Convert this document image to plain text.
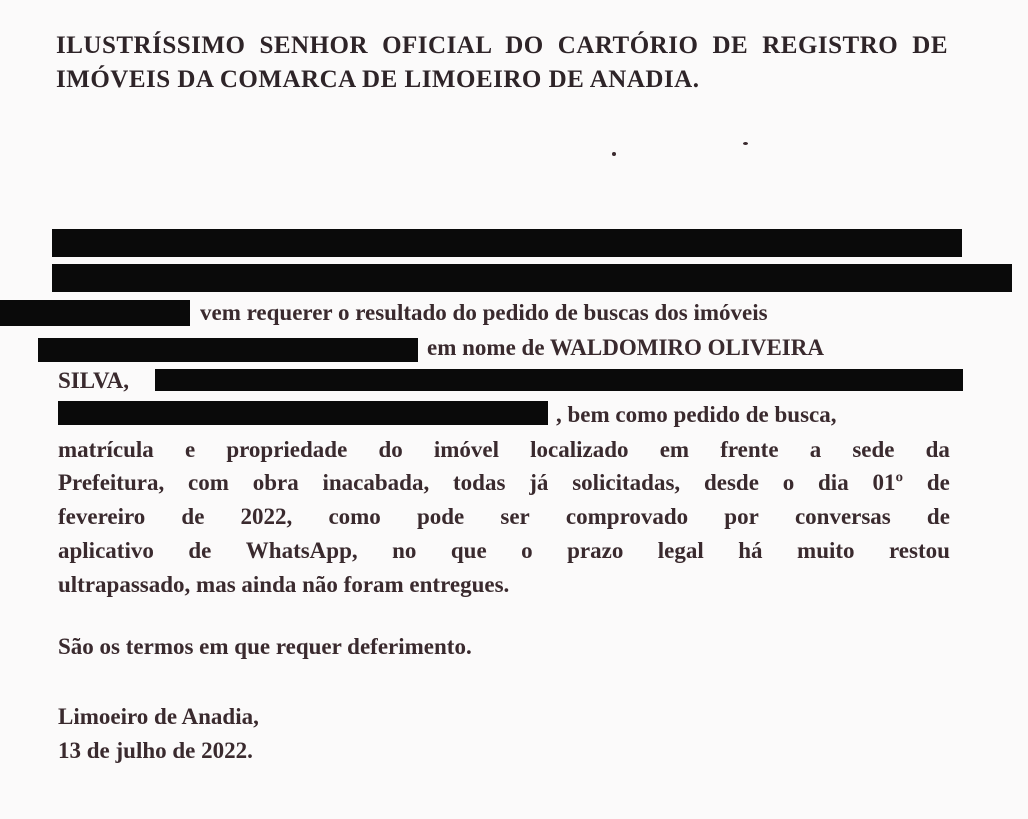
ILUSTRÍSSIMO SENHOR OFICIAL DO CARTÓRIO DE REGISTRO DE IMÓVEIS DA COMARCA DE LIMOEIRO DE ANADIA.
vem requerer o resultado do pedido de buscas dos imóveis
em nome de WALDOMIRO OLIVEIRA
SILVA,
, bem como pedido de busca,
matrícula e propriedade do imóvel localizado em frente a sede da
Prefeitura, com obra inacabada, todas já solicitadas, desde o dia 01º de
fevereiro de 2022, como pode ser comprovado por conversas de
aplicativo de WhatsApp, no que o prazo legal há muito restou
ultrapassado, mas ainda não foram entregues.
São os termos em que requer deferimento.
Limoeiro de Anadia,
13 de julho de 2022.
